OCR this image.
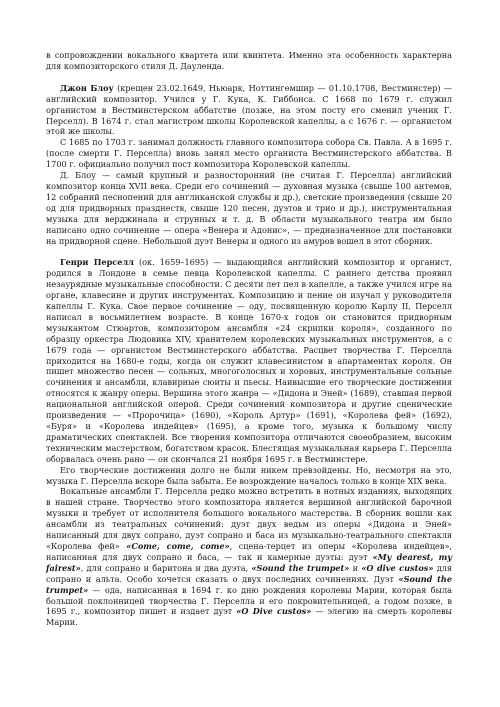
в сопровождении вокального квартета или квинтета. Именно эта особенность характерна для композиторского стиля Д. Дауленда.

Джон Блоу (крещен 23.02.1649, Ньюарк, Ноттингемшир — 01.10.1708, Вестминстер) — английский композитор. Учился у Г. Кука, К. Гиббонса. С 1668 по 1679 г. служил органистом в Вестминстерском аббатстве (позже, на этом посту его сменил ученик Г. Перселл). В 1674 г. стал магистром школы Королевской капеллы, а с 1676 г. — органистом этой же школы.

С 1685 по 1703 г. занимал должность главного композитора собора Св. Павла. А в 1695 г. (после смерти Г. Перселла) вновь занял место органиста Вестминстерского аббатства. В 1700 г. официально получил пост композитора Королевской капеллы.

Д. Блоу — самый крупный и разносторонний (не считая Г. Перселла) английский композитор конца XVII века. Среди его сочинений — духовная музыка (свыше 100 антемов, 12 собраний песнопений для англиканской службы и др.), светские произведения (свыше 20 од для придворных празднеств, свыше 120 песен, дуэтов и трио и др.), инструментальная музыка для верджинала и струнных и т. д. В области музыкального театра им было написано одно сочинение — опера «Венера и Адонис», — предназначенное для постановки на придворной сцене. Небольшой дуэт Венеры и одного из амуров вошел в этот сборник.

Генри Перселл (ок. 1659–1695) — выдающийся английский композитор и органист, родился в Лондоне в семье певца Королевской капеллы. С раннего детства проявил незаурядные музыкальные способности. С десяти лет пел в капелле, а также учился игре на органе, клавесине и других инструментах. Композицию и пение он изучал у руководителя капеллы Г. Кука. Свое первое сочинение — оду, посвященную королю Карлу II, Перселл написал в восьмилетнем возрасте. В конце 1670-х годов он становится придворным музыкантом Стюартов, композитором ансамбля «24 скрипки короля», созданного по образцу оркестра Людовика XIV, хранителем королевских музыкальных инструментов, а с 1679 года — органистом Вестминстерского аббатства. Расцвет творчества Г. Перселла приходится на 1680-е годы, когда он служит клавесинистом в апартаментах короля. Он пишет множество песен — сольных, многоголосных и хоровых, инструментальные сольные сочинения и ансамбли, клавирные сюиты и пьесы. Наивысшие его творческие достижения относятся к жанру оперы. Вершина этого жанра — «Дидона и Эней» (1689), ставшая первой национальной английской оперой. Среди сочинений композитора и другие сценические произведения — «Пророчица» (1690), «Король Артур» (1691), «Королева фей» (1692), «Буря» и «Королева индейцев» (1695), а кроме того, музыка к большому числу драматических спектаклей. Все творения композитора отличаются своеобразием, высоким техническим мастерством, богатством красок. Блестящая музыкальная карьера Г. Перселла оборвалась очень рано — он скончался 21 ноября 1695 г. в Вестминстере.

Его творческие достижения долго не были никем превзойдены. Но, несмотря на это, музыка Г. Перселла вскоре была забыта. Ее возрождение началось только в конце XIX века.

Вокальные ансамбли Г. Перселла редко можно встретить в нотных изданиях, выходящих в нашей стране. Творчество этого композитора является вершиной английской барочной музыки и требует от исполнителя большого вокального мастерства. В сборник вошли как ансамбли из театральных сочинений: дуэт двух ведьм из оперы «Дидона и Эней» написанный для двух сопрано, дуэт сопрано и баса из музыкально-театрального спектакля «Королева фей» «Come, come, come», сцена-терцет из оперы «Королева индейцев», написанная для двух сопрано и баса, — так и камерные дуэты: дуэт «My dearest, my fairest», для сопрано и баритона и два дуэта, «Sound the trumpet» и «O dive custos» для сопрано и альта. Особо хочется сказать о двух последних сочинениях. Дуэт «Sound the trumpet» — ода, написанная в 1694 г. ко дню рождения королевы Марии, которая была большой поклонницей творчества Г. Перселла и его покровительницей, а годом позже, в 1695 г., композитор пишет и издает дуэт «O Dive custos» — элегию на смерть королевы Марии.
